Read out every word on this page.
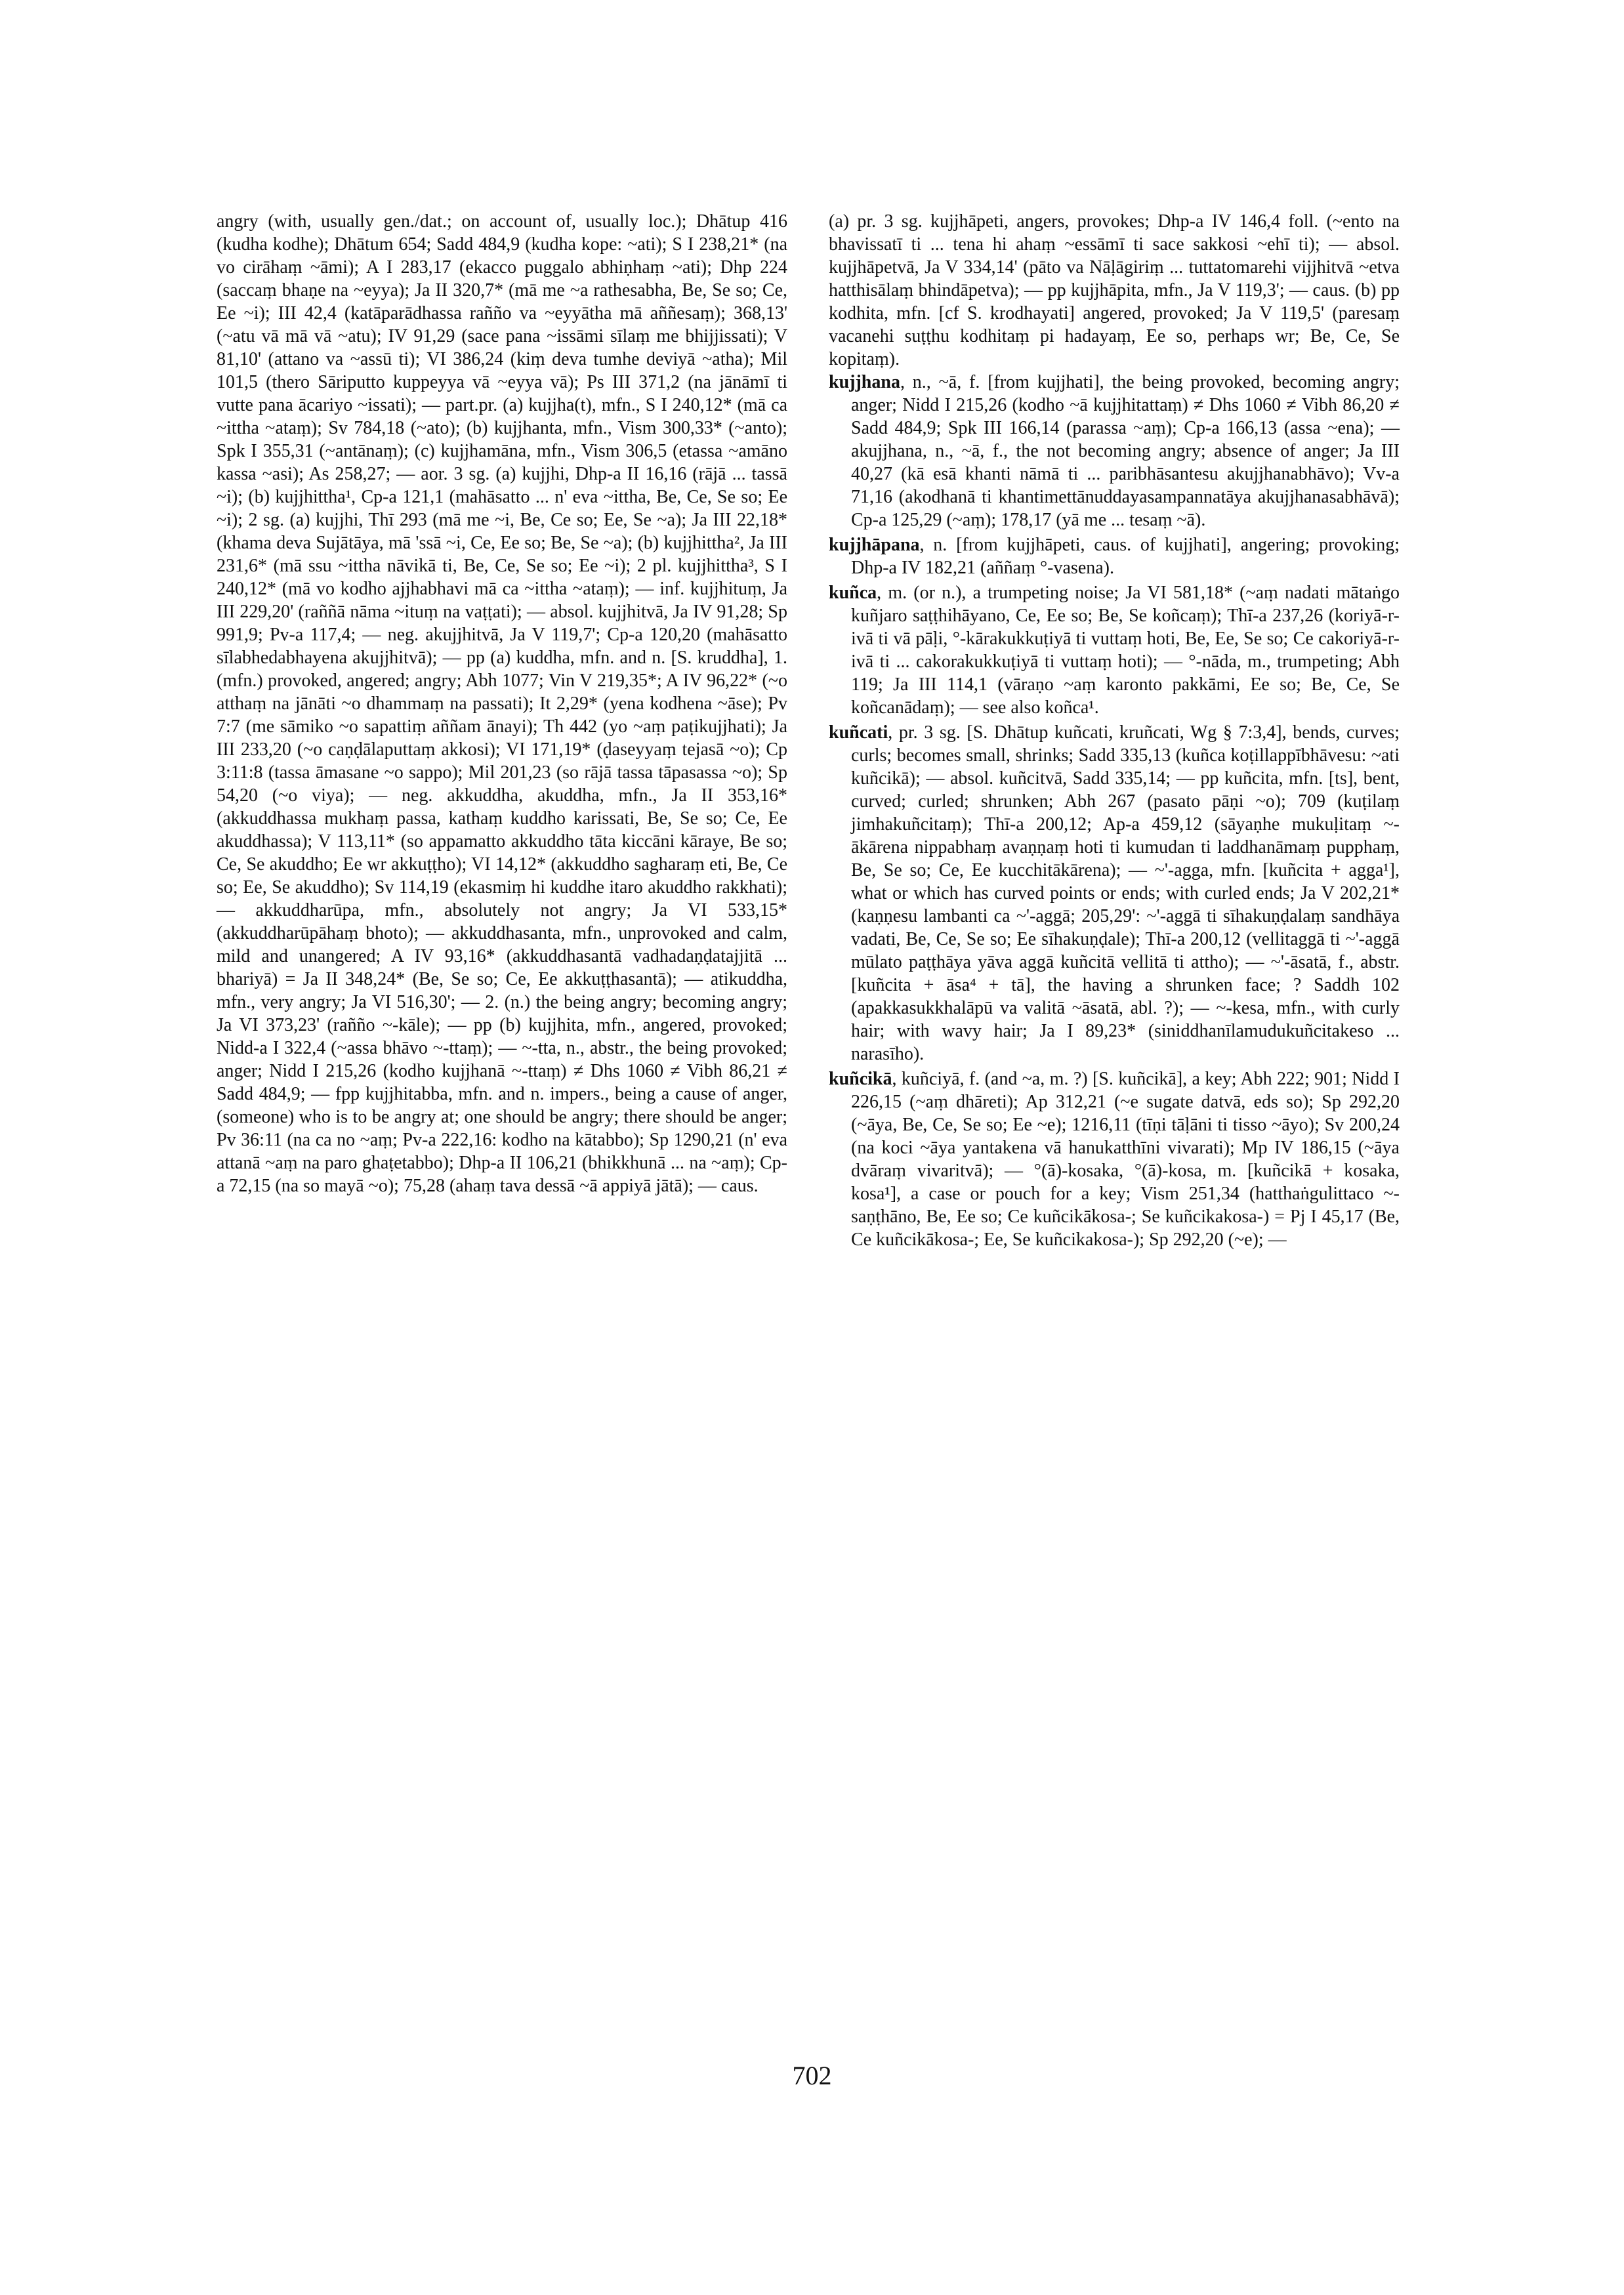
angry (with, usually gen./dat.; on account of, usually loc.); Dhātup 416 (kudha kodhe); Dhātum 654; Sadd 484,9 (kudha kope: ~ati); S I 238,21* (na vo cirāhaṃ ~āmi); A I 283,17 (ekacco puggalo abhiṇhaṃ ~ati); Dhp 224 (saccaṃ bhaṇe na ~eyya); Ja II 320,7* (mā me ~a rathesabha, Be, Se so; Ce, Ee ~i); III 42,4 (katāparādhassa rañño va ~eyyātha mā aññesaṃ); 368,13' (~atu vā mā vā ~atu); IV 91,29 (sace pana ~issāmi sīlaṃ me bhijjissati); V 81,10' (attano va ~assū ti); VI 386,24 (kiṃ deva tumhe deviyā ~atha); Mil 101,5 (thero Sāriputto kuppeyya vā ~eyya vā); Ps III 371,2 (na jānāmī ti vutte pana ācariyo ~issati); — part.pr. (a) kujjha(t), mfn., S I 240,12* (mā ca ~ittha ~ataṃ); Sv 784,18 (~ato); (b) kujjhanta, mfn., Vism 300,33* (~anto); Spk I 355,31 (~antānaṃ); (c) kujjhamāna, mfn., Vism 306,5 (etassa ~amāno kassa ~asi); As 258,27; — aor. 3 sg. (a) kujjhi, Dhp-a II 16,16 (rājā ... tassā ~i); (b) kujjhittha¹, Cp-a 121,1 (mahāsatto ... n' eva ~ittha, Be, Ce, Se so; Ee ~i); 2 sg. (a) kujjhi, Thī 293 (mā me ~i, Be, Ce so; Ee, Se ~a); Ja III 22,18* (khama deva Sujātāya, mā 'ssā ~i, Ce, Ee so; Be, Se ~a); (b) kujjhittha², Ja III 231,6* (mā ssu ~ittha nāvikā ti, Be, Ce, Se so; Ee ~i); 2 pl. kujjhittha³, S I 240,12* (mā vo kodho ajjhabhavi mā ca ~ittha ~ataṃ); — inf. kujjhituṃ, Ja III 229,20' (raññā nāma ~ituṃ na vaṭṭati); — absol. kujjhitvā, Ja IV 91,28; Sp 991,9; Pv-a 117,4; — neg. akujjhitvā, Ja V 119,7'; Cp-a 120,20 (mahāsatto sīlabhedabhayena akujjhitvā); — pp (a) kuddha, mfn. and n. [S. kruddha], 1. (mfn.) provoked, angered; angry; Abh 1077; Vin V 219,35*; A IV 96,22* (~o atthaṃ na jānāti ~o dhammaṃ na passati); It 2,29* (yena kodhena ~āse); Pv 7:7 (me sāmiko ~o sapattiṃ aññam ānayi); Th 442 (yo ~aṃ paṭikujjhati); Ja III 233,20 (~o caṇḍālaputtaṃ akkosi); VI 171,19* (ḍaseyyaṃ tejasā ~o); Cp 3:11:8 (tassa āmasane ~o sappo); Mil 201,23 (so rājā tassa tāpasassa ~o); Sp 54,20 (~o viya); — neg. akkuddha, akuddha, mfn., Ja II 353,16* (akkuddhassa mukhaṃ passa, kathaṃ kuddho karissati, Be, Se so; Ce, Ee akuddhassa); V 113,11* (so appamatto akkuddho tāta kiccāni kāraye, Be so; Ce, Se akuddho; Ee wr akkuṭṭho); VI 14,12* (akkuddho sagharaṃ eti, Be, Ce so; Ee, Se akuddho); Sv 114,19 (ekasmiṃ hi kuddhe itaro akuddho rakkhati); — akkuddharūpa, mfn., absolutely not angry; Ja VI 533,15* (akkuddharūpāhaṃ bhoto); — akkuddhasanta, mfn., unprovoked and calm, mild and unangered; A IV 93,16* (akkuddhasantā vadhadaṇḍatajjitā ... bhariyā) = Ja II 348,24* (Be, Se so; Ce, Ee akkuṭṭhasantā); — atikuddha, mfn., very angry; Ja VI 516,30'; — 2. (n.) the being angry; becoming angry; Ja VI 373,23' (rañño ~-kāle); — pp (b) kujjhita, mfn., angered, provoked; Nidd-a I 322,4 (~assa bhāvo ~-ttaṃ); — ~-tta, n., abstr., the being provoked; anger; Nidd I 215,26 (kodho kujjhanā ~-ttaṃ) ≠ Dhs 1060 ≠ Vibh 86,21 ≠ Sadd 484,9; — fpp kujjhitabba, mfn. and n. impers., being a cause of anger, (someone) who is to be angry at; one should be angry; there should be anger; Pv 36:11 (na ca no ~aṃ; Pv-a 222,16: kodho na kātabbo); Sp 1290,21 (n' eva attanā ~aṃ na paro ghaṭetabbo); Dhp-a II 106,21 (bhikkhunā ... na ~aṃ); Cp-a 72,15 (na so mayā ~o); 75,28 (ahaṃ tava dessā ~ā appiyā jātā); — caus.

(a) pr. 3 sg. kujjhāpeti, angers, provokes; Dhp-a IV 146,4 foll. (~ento na bhavissatī ti ... tena hi ahaṃ ~essāmī ti sace sakkosi ~ehī ti); — absol. kujjhāpetvā, Ja V 334,14' (pāto va Nāḷāgiriṃ ... tuttatomarehi vijjhitvā ~etva hatthisālaṃ bhindāpetva); — pp kujjhāpita, mfn., Ja V 119,3'; — caus. (b) pp kodhita, mfn. [cf S. krodhayati] angered, provoked; Ja V 119,5' (paresaṃ vacanehi suṭṭhu kodhitaṃ pi hadayaṃ, Ee so, perhaps wr; Be, Ce, Se kopitaṃ).

kujjhana, n., ~ā, f. [from kujjhati], the being provoked, becoming angry; anger; Nidd I 215,26 (kodho ~ā kujjhitattaṃ) ≠ Dhs 1060 ≠ Vibh 86,20 ≠ Sadd 484,9; Spk III 166,14 (parassa ~aṃ); Cp-a 166,13 (assa ~ena); — akujjhana, n., ~ā, f., the not becoming angry; absence of anger; Ja III 40,27 (kā esā khanti nāmā ti ... paribhāsantesu akujjhanabhāvo); Vv-a 71,16 (akodhanā ti khantimettānuddayasampannatāya akujjhanasabhāvā); Cp-a 125,29 (~aṃ); 178,17 (yā me ... tesaṃ ~ā).

kujjhāpana, n. [from kujjhāpeti, caus. of kujjhati], angering; provoking; Dhp-a IV 182,21 (aññaṃ °-vasena).

kuñca, m. (or n.), a trumpeting noise; Ja VI 581,18* (~aṃ nadati mātaṅgo kuñjaro saṭṭhihāyano, Ce, Ee so; Be, Se koñcaṃ); Thī-a 237,26 (koriyā-r-ivā ti vā pāḷi, °-kārakukkuṭiyā ti vuttaṃ hoti, Be, Ee, Se so; Ce cakoriyā-r-ivā ti ... cakorakukkuṭiyā ti vuttaṃ hoti); — °-nāda, m., trumpeting; Abh 119; Ja III 114,1 (vāraṇo ~aṃ karonto pakkāmi, Ee so; Be, Ce, Se koñcanādaṃ); — see also koñca¹.

kuñcati, pr. 3 sg. [S. Dhātup kuñcati, kruñcati, Wg § 7:3,4], bends, curves; curls; becomes small, shrinks; Sadd 335,13 (kuñca koṭillappībhāvesu: ~ati kuñcikā); — absol. kuñcitvā, Sadd 335,14; — pp kuñcita, mfn. [ts], bent, curved; curled; shrunken; Abh 267 (pasato pāṇi ~o); 709 (kuṭilaṃ jimhakuñcitaṃ); Thī-a 200,12; Ap-a 459,12 (sāyaṇhe mukuḷitaṃ ~-ākārena nippabhaṃ avaṇṇaṃ hoti ti kumudan ti laddhanāmaṃ pupphaṃ, Be, Se so; Ce, Ee kucchitākārena); — ~'-agga, mfn. [kuñcita + agga¹], what or which has curved points or ends; with curled ends; Ja V 202,21* (kaṇṇesu lambanti ca ~'-aggā; 205,29': ~'-aggā ti sīhakuṇḍalaṃ sandhāya vadati, Be, Ce, Se so; Ee sīhakuṇḍale); Thī-a 200,12 (vellitaggā ti ~'-aggā mūlato paṭṭhāya yāva aggā kuñcitā vellitā ti attho); — ~'-āsatā, f., abstr. [kuñcita + āsa⁴ + tā], the having a shrunken face; ? Saddh 102 (apakkasukkhalāpū va valitā ~āsatā, abl. ?); — ~-kesa, mfn., with curly hair; with wavy hair; Ja I 89,23* (siniddhanīlamudukuñcitakeso ... narasīho).

kuñcikā, kuñciyā, f. (and ~a, m. ?) [S. kuñcikā], a key; Abh 222; 901; Nidd I 226,15 (~aṃ dhāreti); Ap 312,21 (~e sugate datvā, eds so); Sp 292,20 (~āya, Be, Ce, Se so; Ee ~e); 1216,11 (tīṇi tāḷāni ti tisso ~āyo); Sv 200,24 (na koci ~āya yantakena vā hanukatthīni vivarati); Mp IV 186,15 (~āya dvāraṃ vivaritvā); — °(ā)-kosaka, °(ā)-kosa, m. [kuñcikā + kosaka, kosa¹], a case or pouch for a key; Vism 251,34 (hatthaṅgulittaco ~-saṇṭhāno, Be, Ee so; Ce kuñcikākosa-; Se kuñcikakosa-) = Pj I 45,17 (Be, Ce kuñcikākosa-; Ee, Se kuñcikakosa-); Sp 292,20 (~e); —

702
